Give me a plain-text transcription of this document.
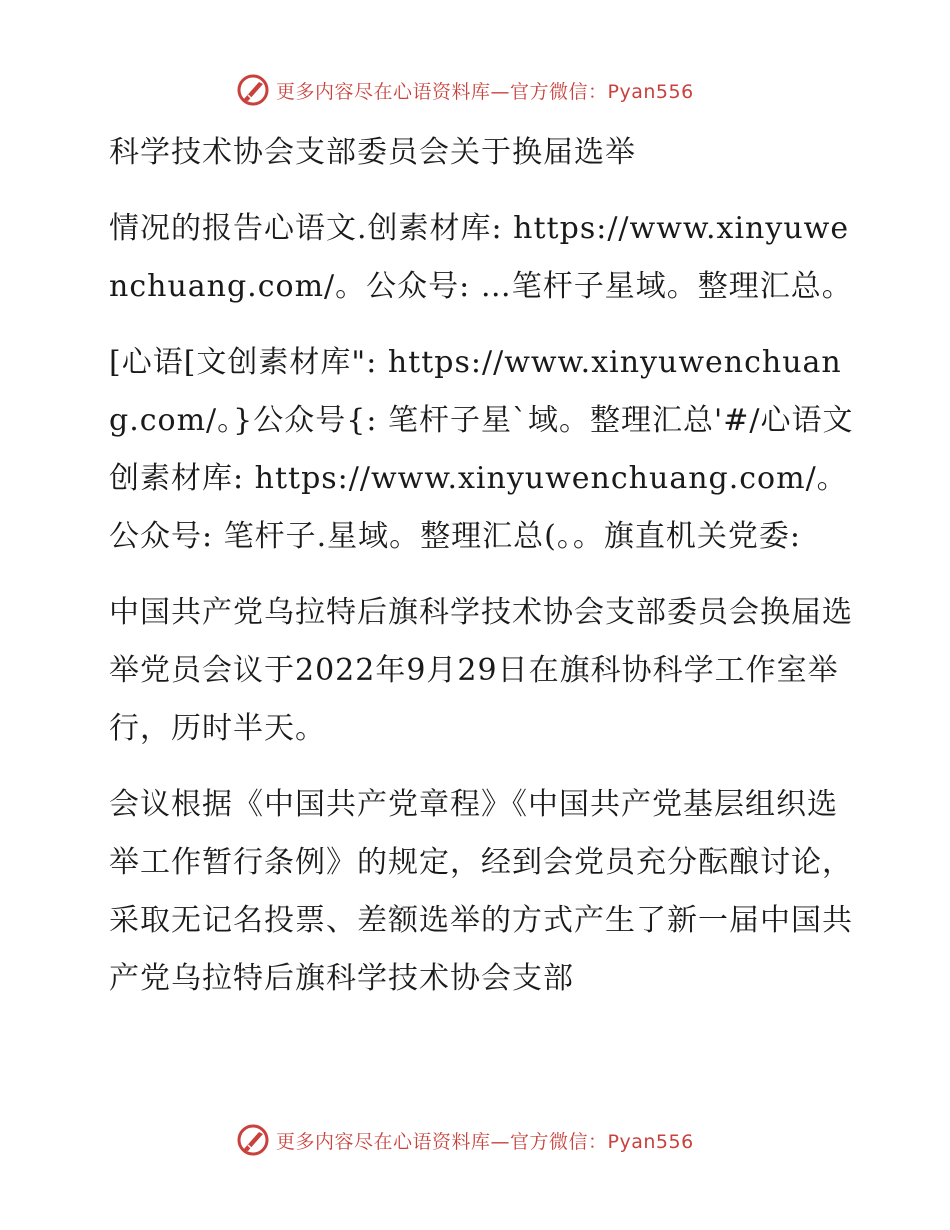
更多内容尽在心语资料库—官方微信：Pyan556

科学技术协会支部委员会关于换届选举

情况的报告心语文.创素材库: https://www.xinyuwenchuang.com/。公众号: …笔杆子星域。整理汇总。

[心语[文创素材库": https://www.xinyuwenchuang.com/。}公众号{: 笔杆子星`域。整理汇总'#/心语文创素材库: https://www.xinyuwenchuang.com/。公众号: 笔杆子.星域。整理汇总(。。旗直机关党委:

中国共产党乌拉特后旗科学技术协会支部委员会换届选举党员会议于2022年9月29日在旗科协科学工作室举行，历时半天。

会议根据《中国共产党章程》《中国共产党基层组织选举工作暂行条例》的规定，经到会党员充分酝酿讨论，采取无记名投票、差额选举的方式产生了新一届中国共产党乌拉特后旗科学技术协会支部

更多内容尽在心语资料库—官方微信：Pyan556
